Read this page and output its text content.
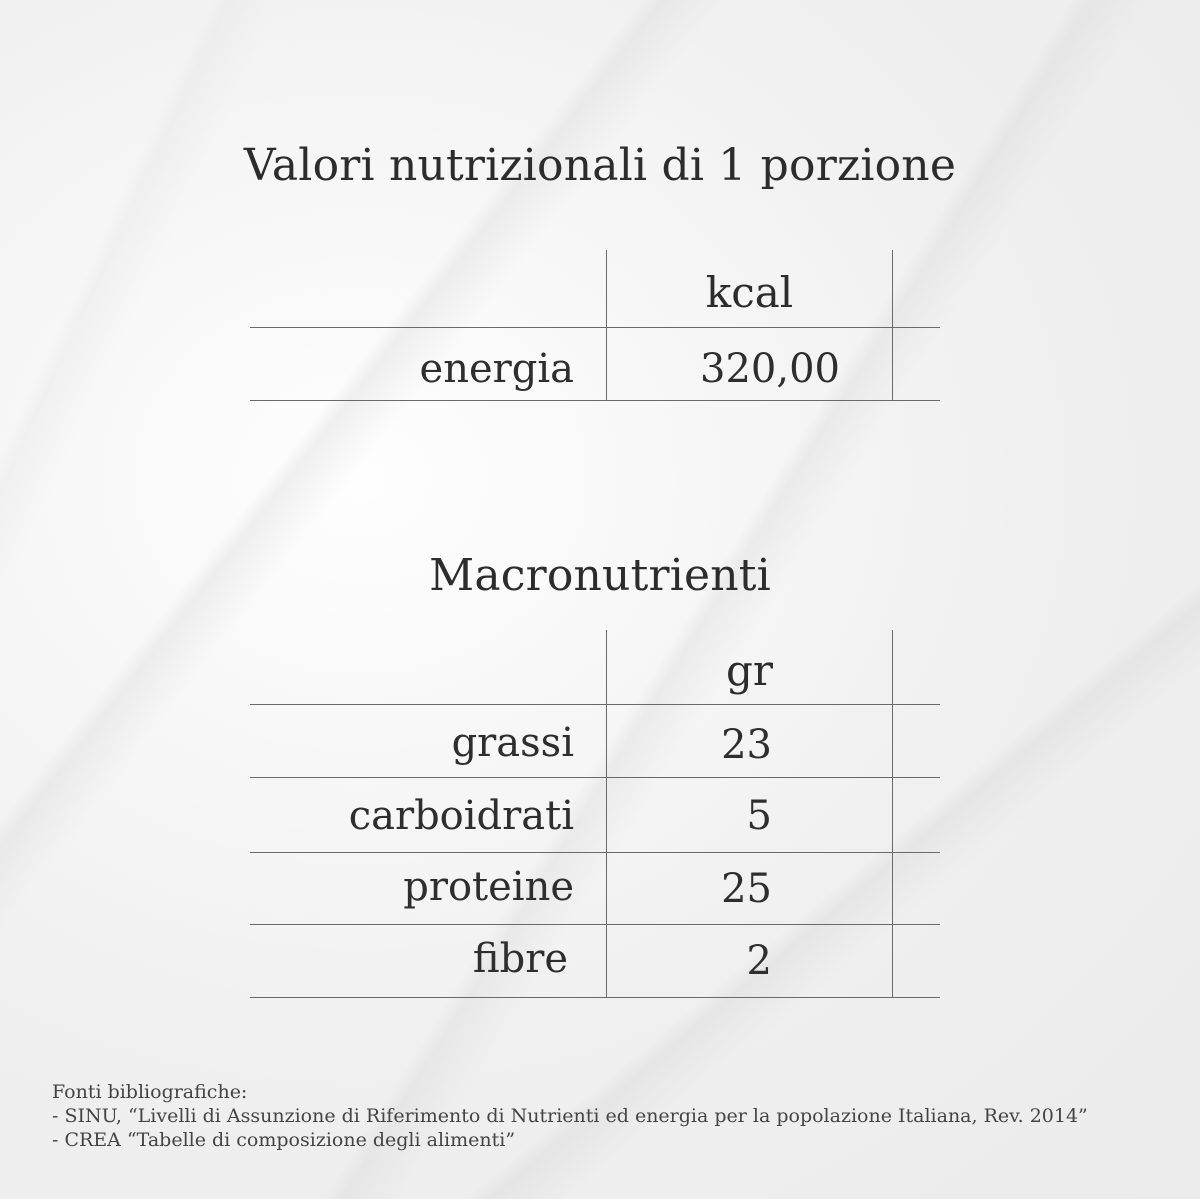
Valori nutrizionali di 1 porzione
kcal
energia	320,00
Macronutrienti
gr
grassi	23
carboidrati	5
proteine	25
fibre	2
Fonti bibliografiche:
- SINU, “Livelli di Assunzione di Riferimento di Nutrienti ed energia per la popolazione Italiana, Rev. 2014”
- CREA “Tabelle di composizione degli alimenti”
